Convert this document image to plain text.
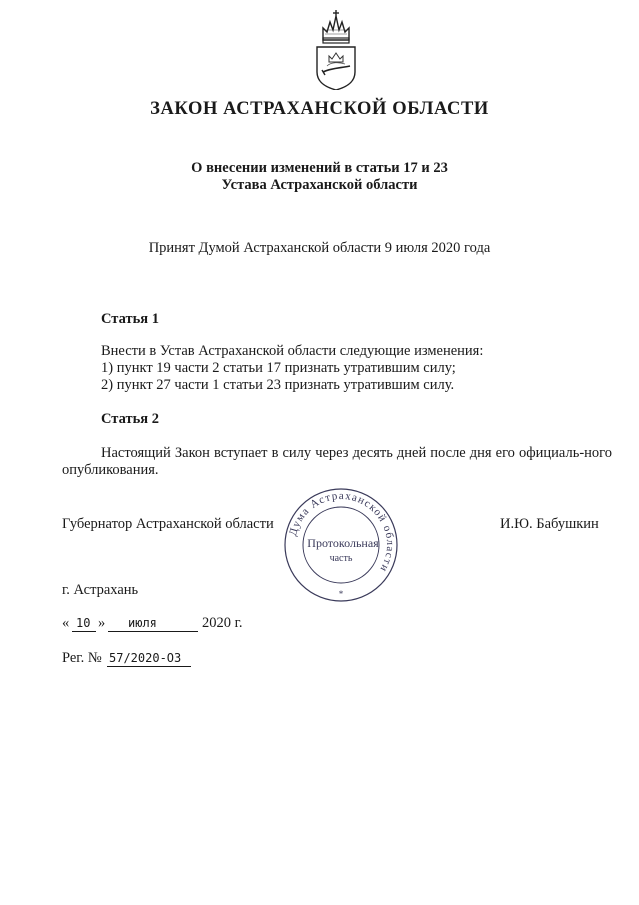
ЗАКОН АСТРАХАНСКОЙ ОБЛАСТИ
О внесении изменений в статьи 17 и 23
Устава Астраханской области
Принят Думой Астраханской области 9 июля 2020 года
Статья 1
Внести в Устав Астраханской области следующие изменения:
1) пункт 19 части 2 статьи 17 признать утратившим силу;
2) пункт 27 части 1 статьи 23 признать утратившим силу.
Статья 2
Настоящий Закон вступает в силу через десять дней после дня его официаль-ного опубликования.
Губернатор Астраханской области	И.Ю. Бабушкин
Дума Астраханской области
Протокольная
часть
*
г. Астрахань
« 10 » июля	2020 г.
Рег. № 57/2020-ОЗ
